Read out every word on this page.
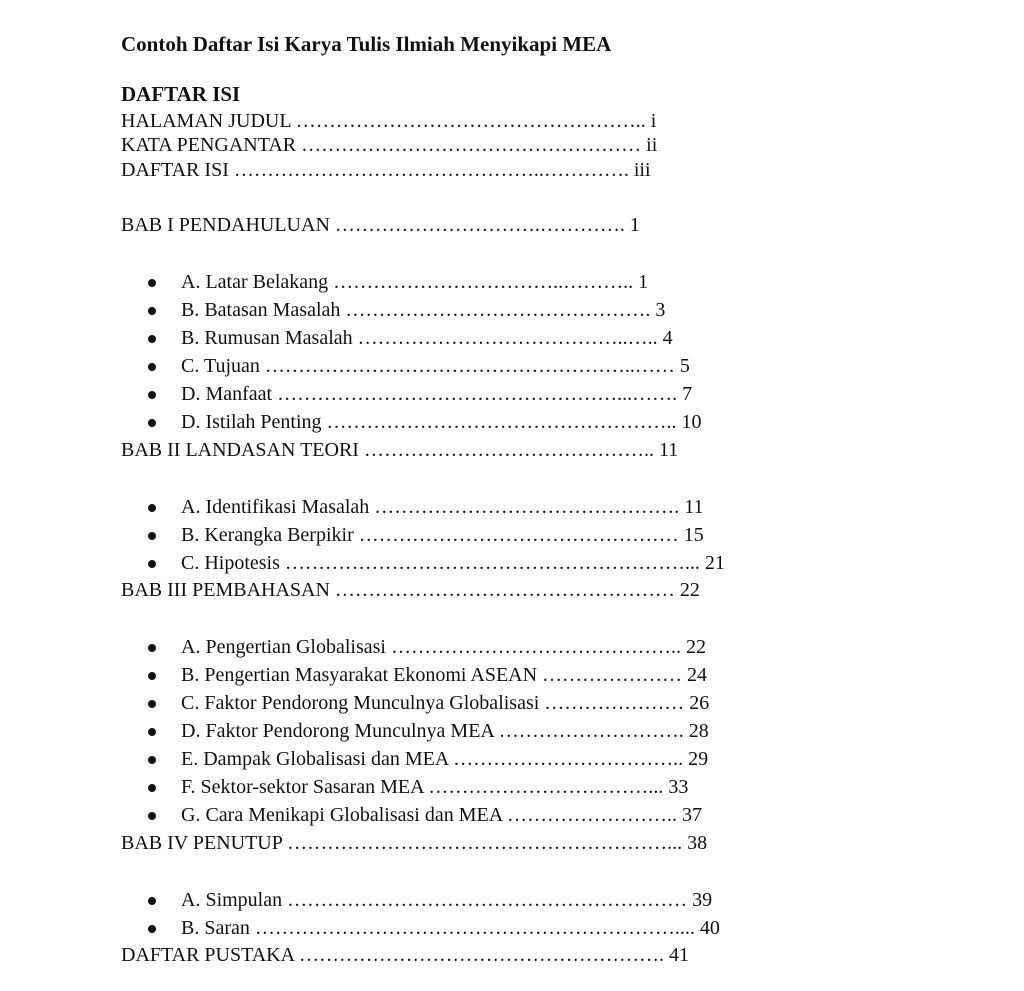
Contoh Daftar Isi Karya Tulis Ilmiah Menyikapi MEA
DAFTAR ISI
HALAMAN JUDUL …………………………………………….. i
KATA PENGANTAR …………………………………………… ii
DAFTAR ISI ………………………………………..…………. iii
BAB I PENDAHULUAN ………………………….…………. 1
A. Latar Belakang ……………………………..……….. 1
B. Batasan Masalah ………………………………………. 3
B. Rumusan Masalah …………………………………..….. 4
C. Tujuan ………………………………………………..…… 5
D. Manfaat ……………………………………………...……. 7
D. Istilah Penting …………………………………………….. 10
BAB II LANDASAN TEORI …………………………………….. 11
A. Identifikasi Masalah ………………………………………. 11
B. Kerangka Berpikir ………………………………………… 15
C. Hipotesis ……………………………………………………... 21
BAB III PEMBAHASAN …………………………………………… 22
A. Pengertian Globalisasi …………………………………….. 22
B. Pengertian Masyarakat Ekonomi ASEAN ………………… 24
C. Faktor Pendorong Munculnya Globalisasi ………………… 26
D. Faktor Pendorong Munculnya MEA ………………………. 28
E. Dampak Globalisasi dan MEA …………………………….. 29
F. Sektor-sektor Sasaran MEA ……………………………... 33
G. Cara Menikapi Globalisasi dan MEA …………………….. 37
BAB IV PENUTUP …………………………………………………... 38
A. Simpulan …………………………………………………… 39
B. Saran ……………………………………………………….... 40
DAFTAR PUSTAKA ………………………………………………. 41
